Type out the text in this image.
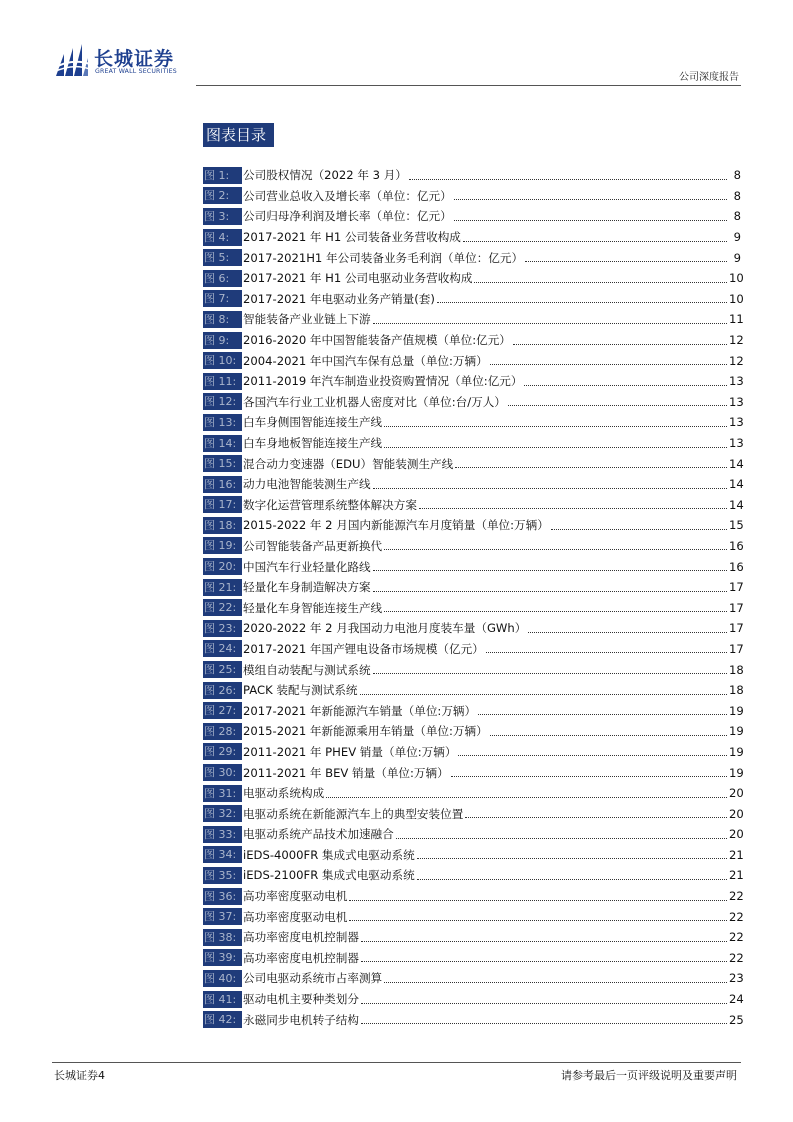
长城证券
GREAT WALL SECURITIES
公司深度报告
图表目录
图 1:	公司股权情况（2022 年 3 月）	8
图 2:	公司营业总收入及增长率（单位：亿元）	8
图 3:	公司归母净利润及增长率（单位：亿元）	8
图 4:	2017-2021 年 H1 公司装备业务营收构成	9
图 5:	2017-2021H1 年公司装备业务毛利润（单位：亿元）	9
图 6:	2017-2021 年 H1 公司电驱动业务营收构成	10
图 7:	2017-2021 年电驱动业务产销量(套)	10
图 8:	智能装备产业业链上下游	11
图 9:	2016-2020 年中国智能装备产值规模（单位:亿元）	12
图 10: 2004-2021 年中国汽车保有总量（单位:万辆）	12
图 11: 2011-2019 年汽车制造业投资购置情况（单位:亿元）	13
图 12: 各国汽车行业工业机器人密度对比（单位:台/万人）	13
图 13: 白车身侧围智能连接生产线	13
图 14: 白车身地板智能连接生产线	13
图 15: 混合动力变速器（EDU）智能装测生产线	14
图 16: 动力电池智能装测生产线	14
图 17: 数字化运营管理系统整体解决方案	14
图 18: 2015-2022 年 2 月国内新能源汽车月度销量（单位:万辆）	15
图 19: 公司智能装备产品更新换代	16
图 20: 中国汽车行业轻量化路线	16
图 21: 轻量化车身制造解决方案	17
图 22: 轻量化车身智能连接生产线	17
图 23: 2020-2022 年 2 月我国动力电池月度装车量（GWh）	17
图 24: 2017-2021 年国产锂电设备市场规模（亿元）	17
图 25: 模组自动装配与测试系统	18
图 26: PACK 装配与测试系统	18
图 27: 2017-2021 年新能源汽车销量（单位:万辆）	19
图 28: 2015-2021 年新能源乘用车销量（单位:万辆）	19
图 29: 2011-2021 年 PHEV 销量（单位:万辆）	19
图 30: 2011-2021 年 BEV 销量（单位:万辆）	19
图 31: 电驱动系统构成	20
图 32: 电驱动系统在新能源汽车上的典型安装位置	20
图 33: 电驱动系统产品技术加速融合	20
图 34: iEDS-4000FR 集成式电驱动系统	21
图 35: iEDS-2100FR 集成式电驱动系统	21
图 36: 高功率密度驱动电机	22
图 37: 高功率密度驱动电机	22
图 38: 高功率密度电机控制器	22
图 39: 高功率密度电机控制器	22
图 40: 公司电驱动系统市占率测算	23
图 41: 驱动电机主要种类划分	24
图 42: 永磁同步电机转子结构	25
长城证券4	请参考最后一页评级说明及重要声明
